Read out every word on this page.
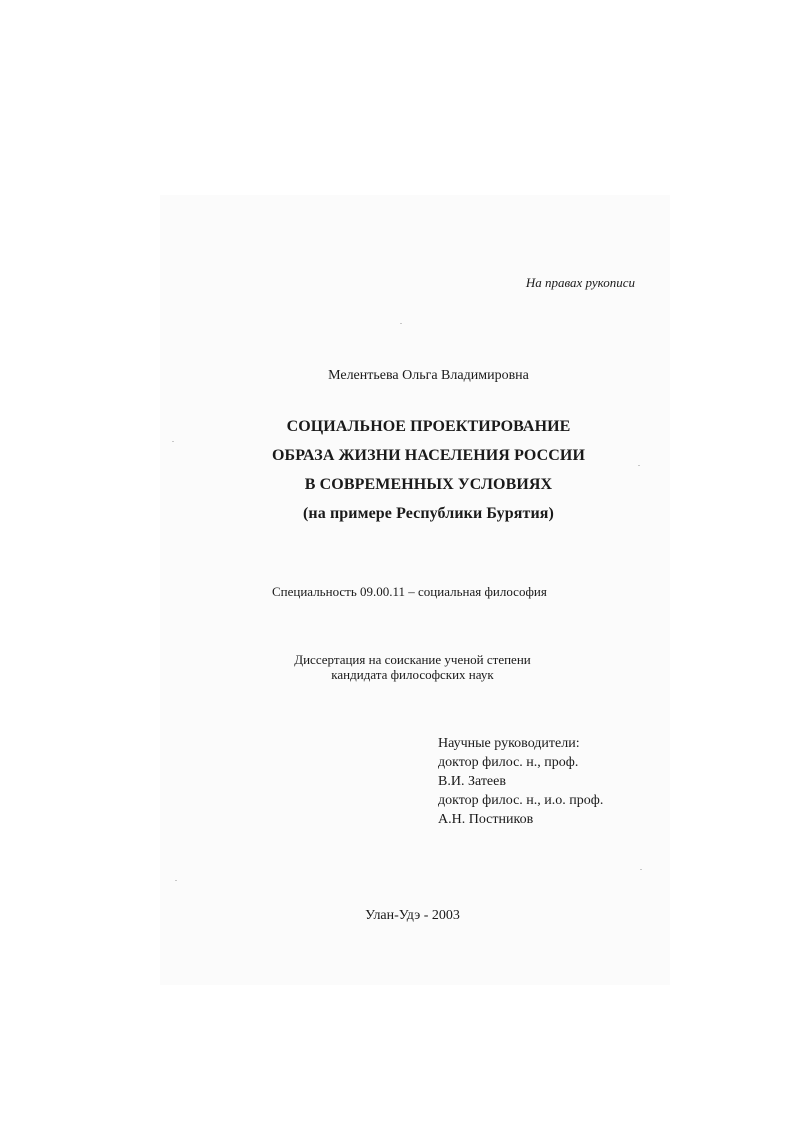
На правах рукописи
Мелентьева Ольга Владимировна
СОЦИАЛЬНОЕ ПРОЕКТИРОВАНИЕ
ОБРАЗА ЖИЗНИ НАСЕЛЕНИЯ РОССИИ
В СОВРЕМЕННЫХ УСЛОВИЯХ
(на примере Республики Бурятия)
Специальность 09.00.11 – социальная философия
Диссертация на соискание ученой степени
кандидата философских наук
Научные руководители:
доктор филос. н., проф.
В.И. Затеев
доктор филос. н., и.о. проф.
А.Н. Постников
Улан-Удэ - 2003
